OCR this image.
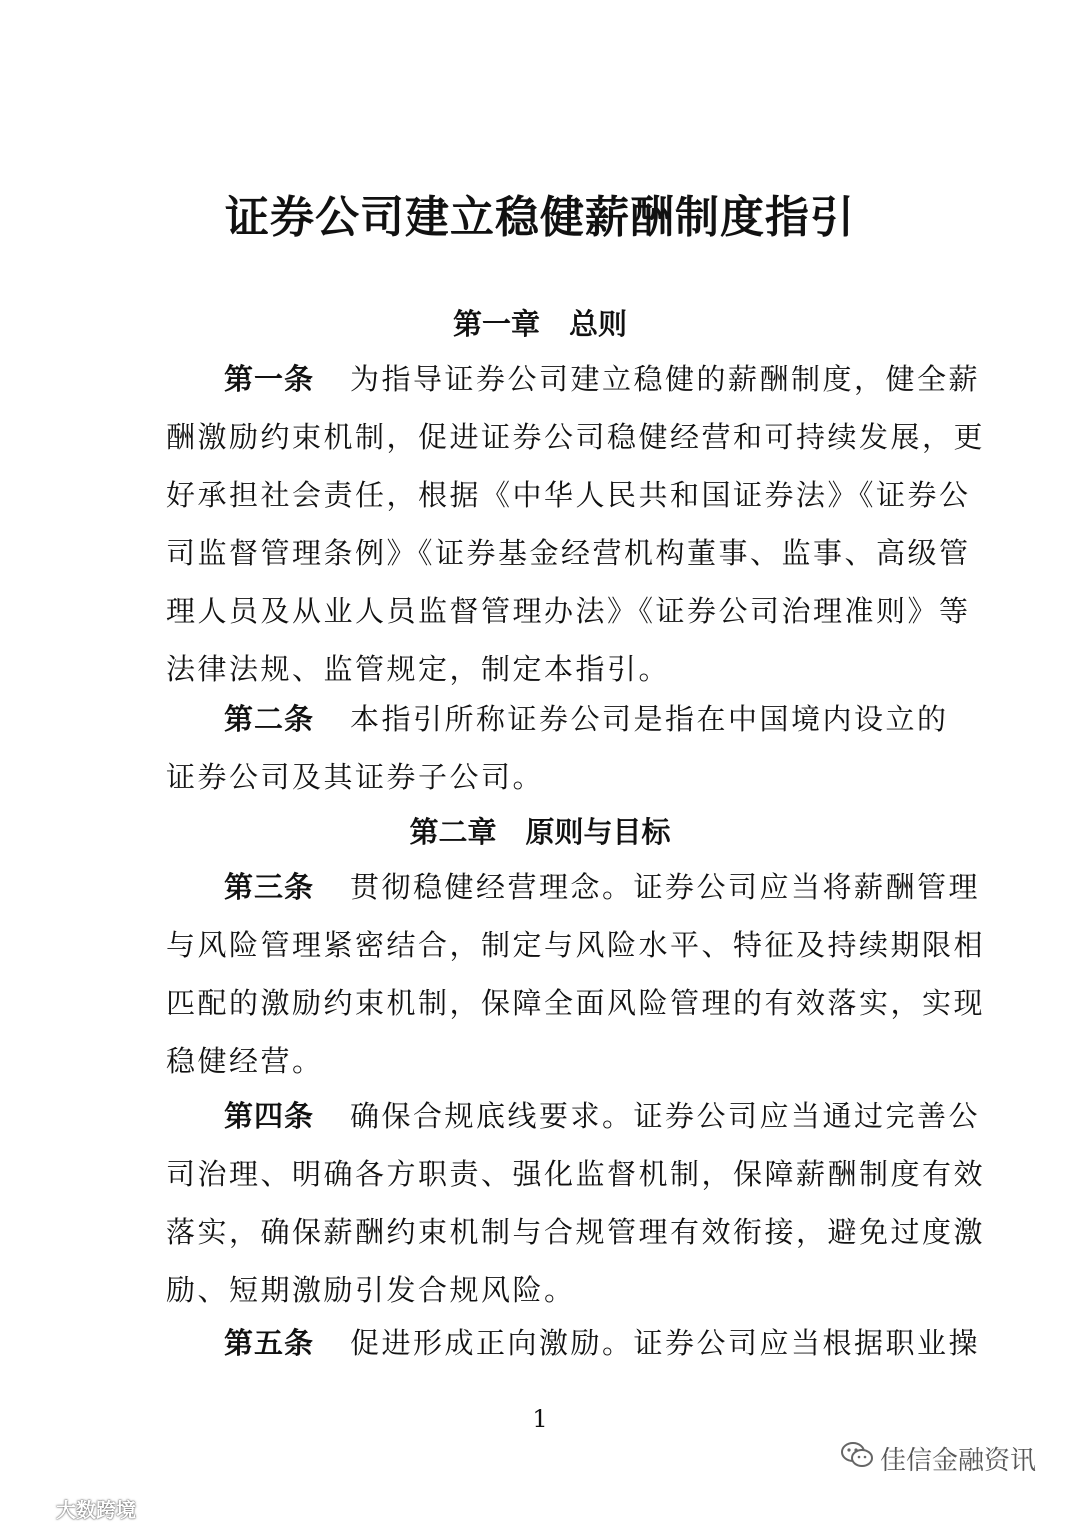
证券公司建立稳健薪酬制度指引
第一章　总则
第一条 为指导证券公司建立稳健的薪酬制度，健全薪
酬激励约束机制，促进证券公司稳健经营和可持续发展，更
好承担社会责任，根据《中华人民共和国证券法》《证券公
司监督管理条例》《证券基金经营机构董事、监事、高级管
理人员及从业人员监督管理办法》《证券公司治理准则》等
法律法规、监管规定，制定本指引。
第二条 本指引所称证券公司是指在中国境内设立的
证券公司及其证券子公司。
第二章　原则与目标
第三条 贯彻稳健经营理念。证券公司应当将薪酬管理
与风险管理紧密结合，制定与风险水平、特征及持续期限相
匹配的激励约束机制，保障全面风险管理的有效落实，实现
稳健经营。
第四条 确保合规底线要求。证券公司应当通过完善公
司治理、明确各方职责、强化监督机制，保障薪酬制度有效
落实，确保薪酬约束机制与合规管理有效衔接，避免过度激
励、短期激励引发合规风险。
第五条 促进形成正向激励。证券公司应当根据职业操
1
佳信金融资讯
大数跨境
